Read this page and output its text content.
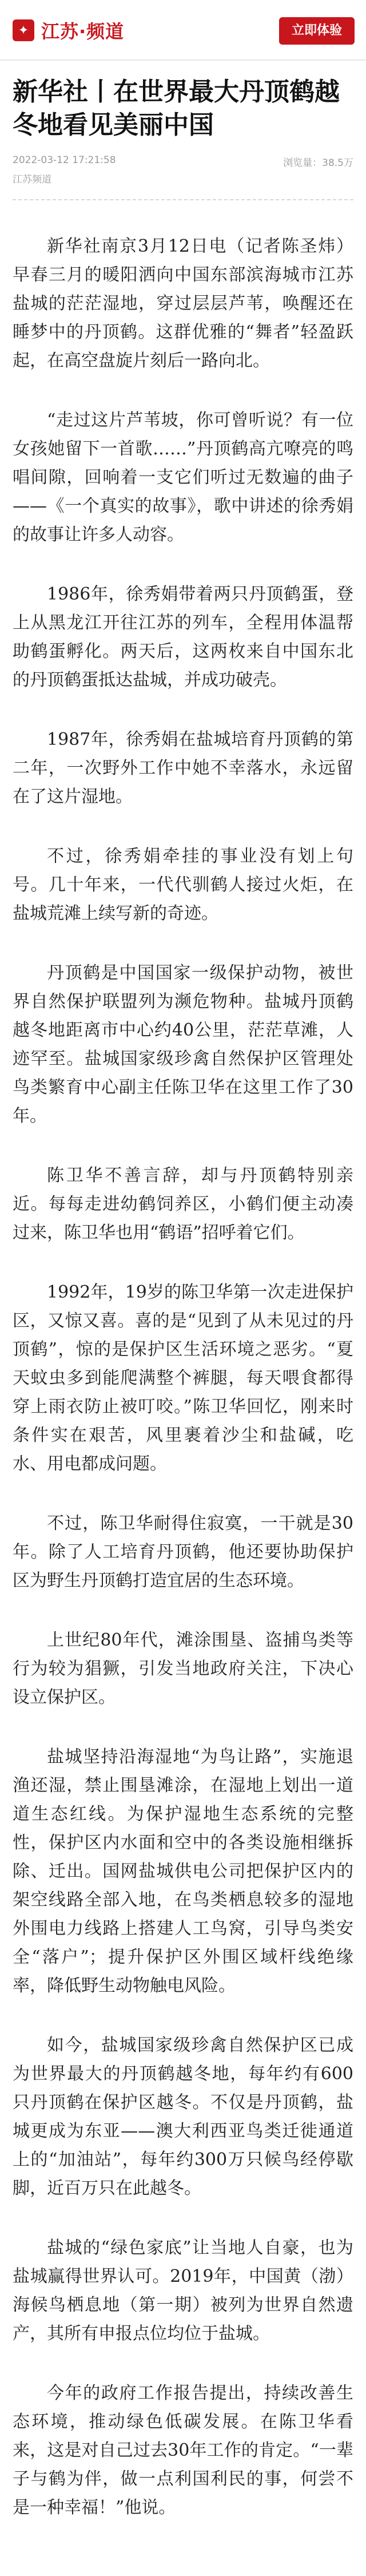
✦ 江苏·频道	立即体验
新华社丨在世界最大丹顶鹤越冬地看见美丽中国
2022-03-12 17:21:58	浏览量：38.5万
江苏频道

新华社南京3月12日电（记者陈圣炜）早春三月的暖阳洒向中国东部滨海城市江苏盐城的茫茫湿地，穿过层层芦苇，唤醒还在睡梦中的丹顶鹤。这群优雅的“舞者”轻盈跃起，在高空盘旋片刻后一路向北。

“走过这片芦苇坡，你可曾听说？有一位女孩她留下一首歌……”丹顶鹤高亢嘹亮的鸣唱间隙，回响着一支它们听过无数遍的曲子——《一个真实的故事》，歌中讲述的徐秀娟的故事让许多人动容。

1986年，徐秀娟带着两只丹顶鹤蛋，登上从黑龙江开往江苏的列车，全程用体温帮助鹤蛋孵化。两天后，这两枚来自中国东北的丹顶鹤蛋抵达盐城，并成功破壳。

1987年，徐秀娟在盐城培育丹顶鹤的第二年，一次野外工作中她不幸落水，永远留在了这片湿地。

不过，徐秀娟牵挂的事业没有划上句号。几十年来，一代代驯鹤人接过火炬，在盐城荒滩上续写新的奇迹。

丹顶鹤是中国国家一级保护动物，被世界自然保护联盟列为濒危物种。盐城丹顶鹤越冬地距离市中心约40公里，茫茫草滩，人迹罕至。盐城国家级珍禽自然保护区管理处鸟类繁育中心副主任陈卫华在这里工作了30年。

陈卫华不善言辞，却与丹顶鹤特别亲近。每每走进幼鹤饲养区，小鹤们便主动凑过来，陈卫华也用“鹤语”招呼着它们。

1992年，19岁的陈卫华第一次走进保护区，又惊又喜。喜的是“见到了从未见过的丹顶鹤”，惊的是保护区生活环境之恶劣。“夏天蚊虫多到能爬满整个裤腿，每天喂食都得穿上雨衣防止被叮咬。”陈卫华回忆，刚来时条件实在艰苦，风里裹着沙尘和盐碱，吃水、用电都成问题。

不过，陈卫华耐得住寂寞，一干就是30年。除了人工培育丹顶鹤，他还要协助保护区为野生丹顶鹤打造宜居的生态环境。

上世纪80年代，滩涂围垦、盗捕鸟类等行为较为猖獗，引发当地政府关注，下决心设立保护区。

盐城坚持沿海湿地“为鸟让路”，实施退渔还湿，禁止围垦滩涂，在湿地上划出一道道生态红线。为保护湿地生态系统的完整性，保护区内水面和空中的各类设施相继拆除、迁出。国网盐城供电公司把保护区内的架空线路全部入地，在鸟类栖息较多的湿地外围电力线路上搭建人工鸟窝，引导鸟类安全“落户”；提升保护区外围区域杆线绝缘率，降低野生动物触电风险。

如今，盐城国家级珍禽自然保护区已成为世界最大的丹顶鹤越冬地，每年约有600只丹顶鹤在保护区越冬。不仅是丹顶鹤，盐城更成为东亚——澳大利西亚鸟类迁徙通道上的“加油站”，每年约300万只候鸟经停歇脚，近百万只在此越冬。

盐城的“绿色家底”让当地人自豪，也为盐城赢得世界认可。2019年，中国黄（渤）海候鸟栖息地（第一期）被列为世界自然遗产，其所有申报点位均位于盐城。

今年的政府工作报告提出，持续改善生态环境，推动绿色低碳发展。在陈卫华看来，这是对自己过去30年工作的肯定。“一辈子与鹤为伴，做一点利国利民的事，何尝不是一种幸福！”他说。
